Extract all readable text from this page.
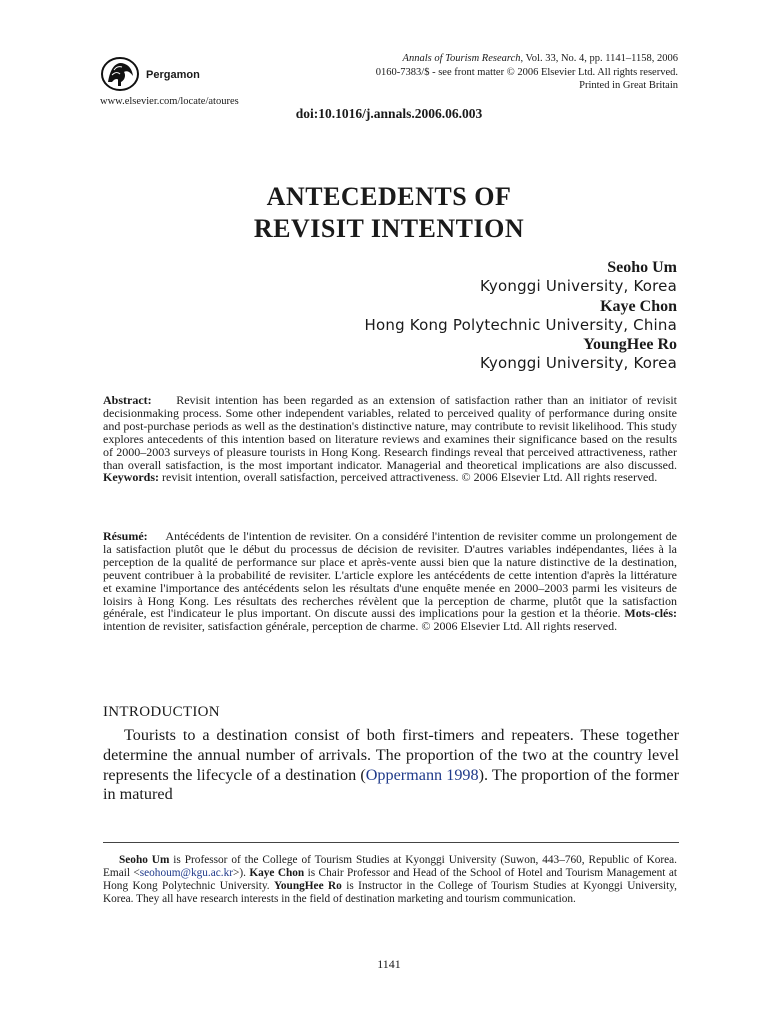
Pergamon
Annals of Tourism Research, Vol. 33, No. 4, pp. 1141–1158, 2006
0160-7383/$ - see front matter © 2006 Elsevier Ltd. All rights reserved.
Printed in Great Britain
www.elsevier.com/locate/atoures
doi:10.1016/j.annals.2006.06.003
ANTECEDENTS OF
REVISIT INTENTION
Seoho Um
Kyonggi University, Korea
Kaye Chon
Hong Kong Polytechnic University, China
YoungHee Ro
Kyonggi University, Korea
Abstract: Revisit intention has been regarded as an extension of satisfaction rather than an initiator of revisit decisionmaking process. Some other independent variables, related to perceived quality of performance during onsite and post-purchase periods as well as the destination's distinctive nature, may contribute to revisit likelihood. This study explores antecedents of this intention based on literature reviews and examines their significance based on the results of 2000–2003 surveys of pleasure tourists in Hong Kong. Research findings reveal that perceived attractiveness, rather than overall satisfaction, is the most important indicator. Managerial and theoretical implications are also discussed. Keywords: revisit intention, overall satisfaction, perceived attractiveness. © 2006 Elsevier Ltd. All rights reserved.
Résumé: Antécédents de l'intention de revisiter. On a considéré l'intention de revisiter comme un prolongement de la satisfaction plutôt que le début du processus de décision de revisiter. D'autres variables indépendantes, liées à la perception de la qualité de performance sur place et après-vente aussi bien que la nature distinctive de la destination, peuvent contribuer à la probabilité de revisiter. L'article explore les antécédents de cette intention d'après la littérature et examine l'importance des antécédents selon les résultats d'une enquête menée en 2000–2003 parmi les visiteurs de loisirs à Hong Kong. Les résultats des recherches révèlent que la perception de charme, plutôt que la satisfaction générale, est l'indicateur le plus important. On discute aussi des implications pour la gestion et la théorie. Mots-clés: intention de revisiter, satisfaction générale, perception de charme. © 2006 Elsevier Ltd. All rights reserved.
INTRODUCTION
Tourists to a destination consist of both first-timers and repeaters. These together determine the annual number of arrivals. The proportion of the two at the country level represents the lifecycle of a destination (Oppermann 1998). The proportion of the former in matured
Seoho Um is Professor of the College of Tourism Studies at Kyonggi University (Suwon, 443–760, Republic of Korea. Email <seohoum@kgu.ac.kr>). Kaye Chon is Chair Professor and Head of the School of Hotel and Tourism Management at Hong Kong Polytechnic University. YoungHee Ro is Instructor in the College of Tourism Studies at Kyonggi University, Korea. They all have research interests in the field of destination marketing and tourism communication.
1141
